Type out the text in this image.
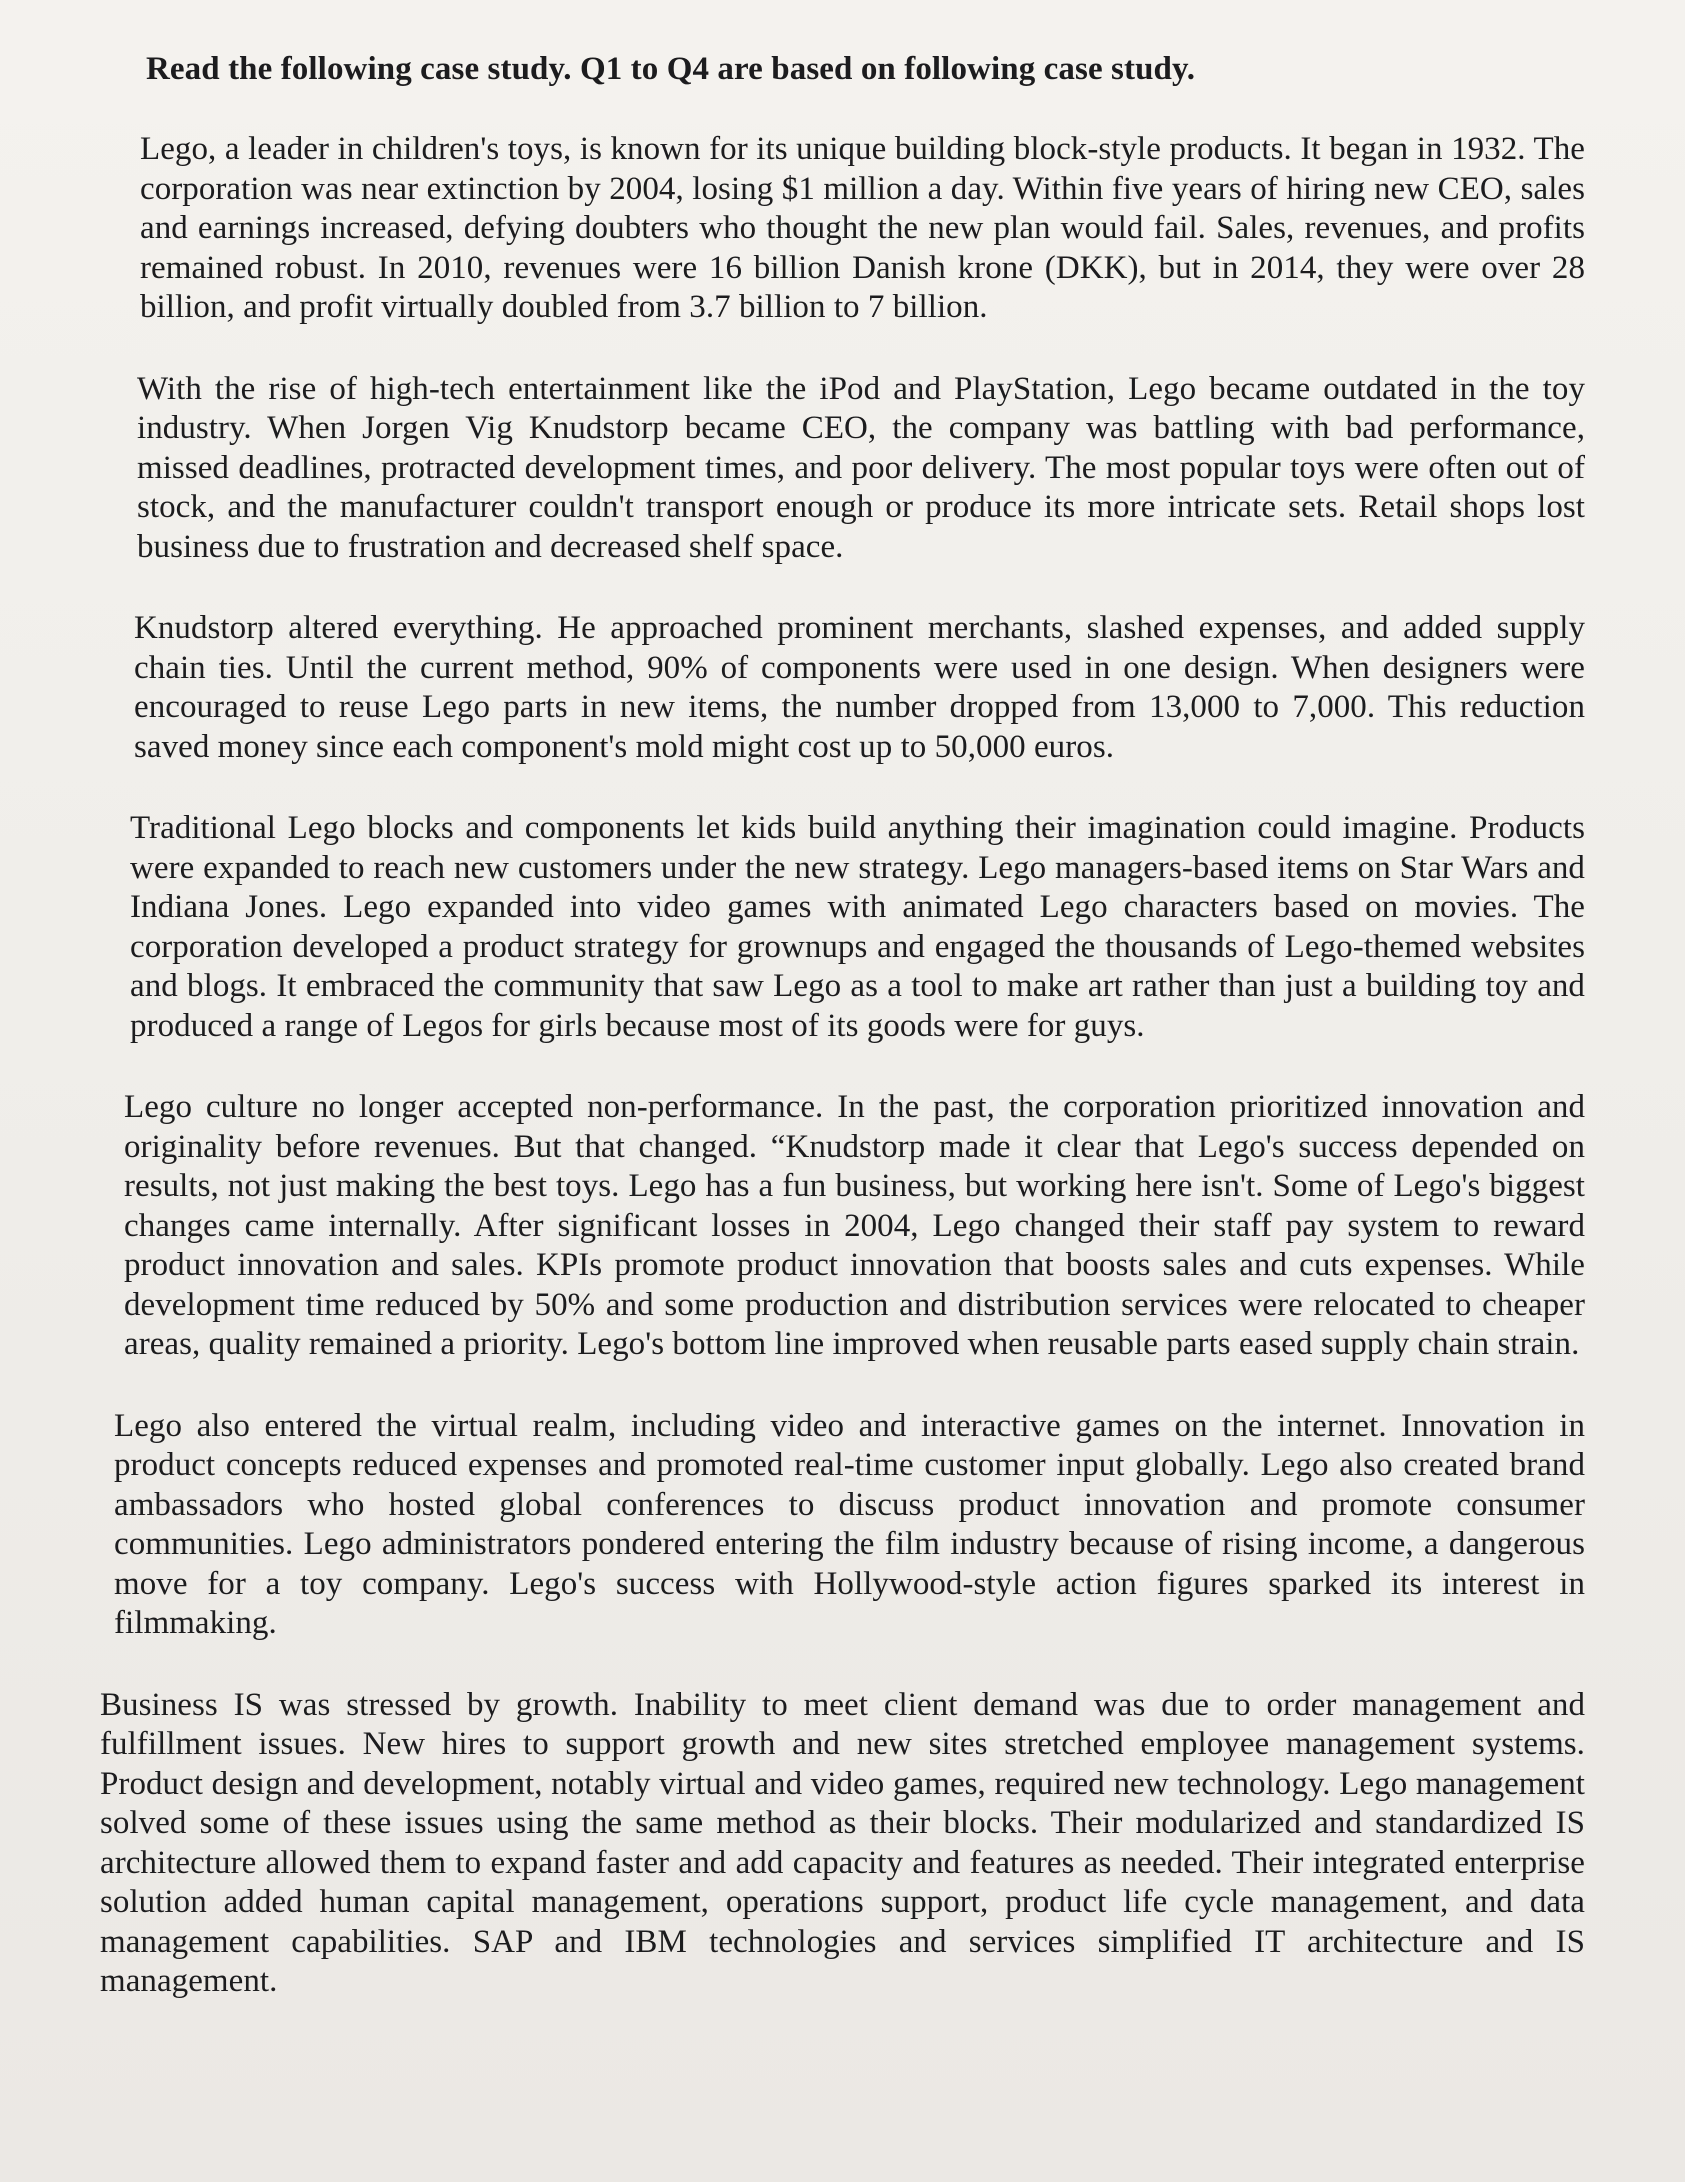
Read the following case study. Q1 to Q4 are based on following case study.

Lego, a leader in children's toys, is known for its unique building block-style products. It began in 1932. The corporation was near extinction by 2004, losing $1 million a day. Within five years of hiring new CEO, sales and earnings increased, defying doubters who thought the new plan would fail. Sales, revenues, and profits remained robust. In 2010, revenues were 16 billion Danish krone (DKK), but in 2014, they were over 28 billion, and profit virtually doubled from 3.7 billion to 7 billion.

With the rise of high-tech entertainment like the iPod and PlayStation, Lego became outdated in the toy industry. When Jorgen Vig Knudstorp became CEO, the company was battling with bad performance, missed deadlines, protracted development times, and poor delivery. The most popular toys were often out of stock, and the manufacturer couldn't transport enough or produce its more intricate sets. Retail shops lost business due to frustration and decreased shelf space.

Knudstorp altered everything. He approached prominent merchants, slashed expenses, and added supply chain ties. Until the current method, 90% of components were used in one design. When designers were encouraged to reuse Lego parts in new items, the number dropped from 13,000 to 7,000. This reduction saved money since each component's mold might cost up to 50,000 euros.

Traditional Lego blocks and components let kids build anything their imagination could imagine. Products were expanded to reach new customers under the new strategy. Lego managers-based items on Star Wars and Indiana Jones. Lego expanded into video games with animated Lego characters based on movies. The corporation developed a product strategy for grownups and engaged the thousands of Lego-themed websites and blogs. It embraced the community that saw Lego as a tool to make art rather than just a building toy and produced a range of Legos for girls because most of its goods were for guys.

Lego culture no longer accepted non-performance. In the past, the corporation prioritized innovation and originality before revenues. But that changed. “Knudstorp made it clear that Lego's success depended on results, not just making the best toys. Lego has a fun business, but working here isn't. Some of Lego's biggest changes came internally. After significant losses in 2004, Lego changed their staff pay system to reward product innovation and sales. KPIs promote product innovation that boosts sales and cuts expenses. While development time reduced by 50% and some production and distribution services were relocated to cheaper areas, quality remained a priority. Lego's bottom line improved when reusable parts eased supply chain strain.

Lego also entered the virtual realm, including video and interactive games on the internet. Innovation in product concepts reduced expenses and promoted real-time customer input globally. Lego also created brand ambassadors who hosted global conferences to discuss product innovation and promote consumer communities. Lego administrators pondered entering the film industry because of rising income, a dangerous move for a toy company. Lego's success with Hollywood-style action figures sparked its interest in filmmaking.

Business IS was stressed by growth. Inability to meet client demand was due to order management and fulfillment issues. New hires to support growth and new sites stretched employee management systems. Product design and development, notably virtual and video games, required new technology. Lego management solved some of these issues using the same method as their blocks. Their modularized and standardized IS architecture allowed them to expand faster and add capacity and features as needed. Their integrated enterprise solution added human capital management, operations support, product life cycle management, and data management capabilities. SAP and IBM technologies and services simplified IT architecture and IS management.
